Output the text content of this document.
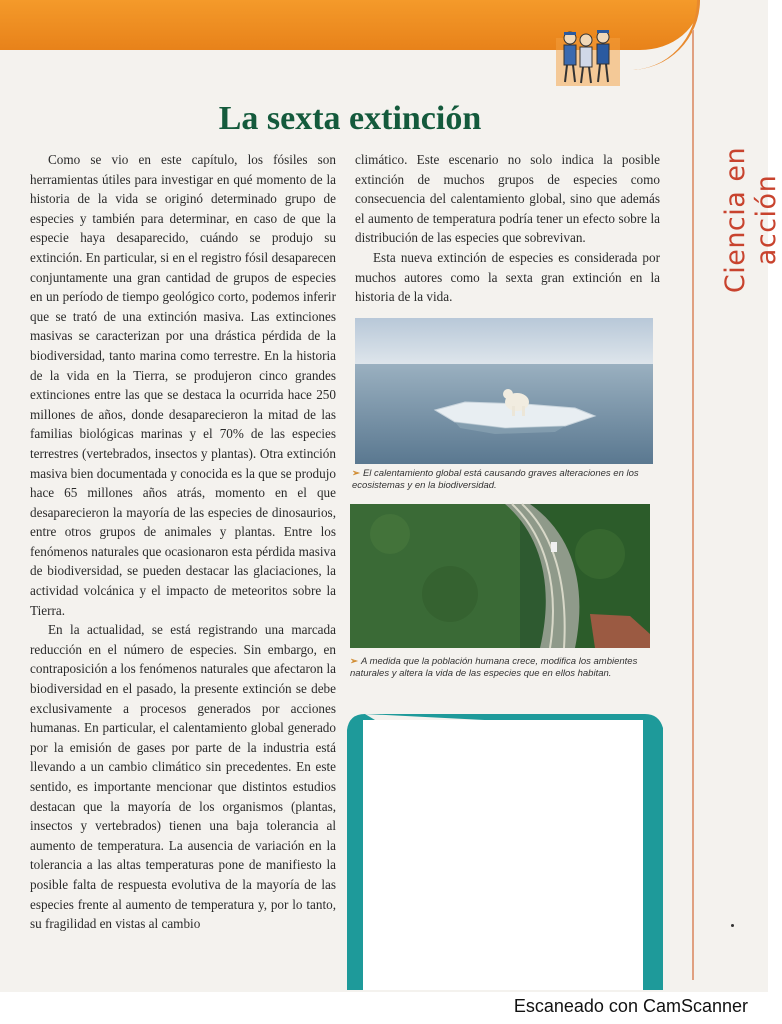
Ciencia en acción
La sexta extinción

Como se vio en este capítulo, los fósiles son herramientas útiles para investigar en qué momento de la historia de la vida se originó determinado grupo de especies y también para determinar, en caso de que la especie haya desaparecido, cuándo se produjo su extinción. En particular, si en el registro fósil desaparecen conjuntamente una gran cantidad de grupos de especies en un período de tiempo geológico corto, podemos inferir que se trató de una extinción masiva. Las extinciones masivas se caracterizan por una drástica pérdida de la biodiversidad, tanto marina como terrestre. En la historia de la vida en la Tierra, se produjeron cinco grandes extinciones entre las que se destaca la ocurrida hace 250 millones de años, donde desaparecieron la mitad de las familias biológicas marinas y el 70% de las especies terrestres (vertebrados, insectos y plantas). Otra extinción masiva bien documentada y conocida es la que se produjo hace 65 millones años atrás, momento en el que desaparecieron la mayoría de las especies de dinosaurios, entre otros grupos de animales y plantas. Entre los fenómenos naturales que ocasionaron esta pérdida masiva de biodiversidad, se pueden destacar las glaciaciones, la actividad volcánica y el impacto de meteoritos sobre la Tierra.

En la actualidad, se está registrando una marcada reducción en el número de especies. Sin embargo, en contraposición a los fenómenos naturales que afectaron la biodiversidad en el pasado, la presente extinción se debe exclusivamente a procesos generados por acciones humanas. En particular, el calentamiento global generado por la emisión de gases por parte de la industria está llevando a un cambio climático sin precedentes. En este sentido, es importante mencionar que distintos estudios destacan que la mayoría de los organismos (plantas, insectos y vertebrados) tienen una baja tolerancia al aumento de temperatura. La ausencia de variación en la tolerancia a las altas temperaturas pone de manifiesto la posible falta de respuesta evolutiva de la mayoría de las especies frente al aumento de temperatura y, por lo tanto, su fragilidad en vistas al cambio

climático. Este escenario no solo indica la posible extinción de muchos grupos de especies como consecuencia del calentamiento global, sino que además el aumento de temperatura podría tener un efecto sobre la distribución de las especies que sobrevivan.

Esta nueva extinción de especies es considerada por muchos autores como la sexta gran extinción en la historia de la vida.

➢ El calentamiento global está causando graves alteraciones en los ecosistemas y en la biodiversidad.
➢ A medida que la población humana crece, modifica los ambientes naturales y altera la vida de las especies que en ellos habitan.
Escaneado con CamScanner
